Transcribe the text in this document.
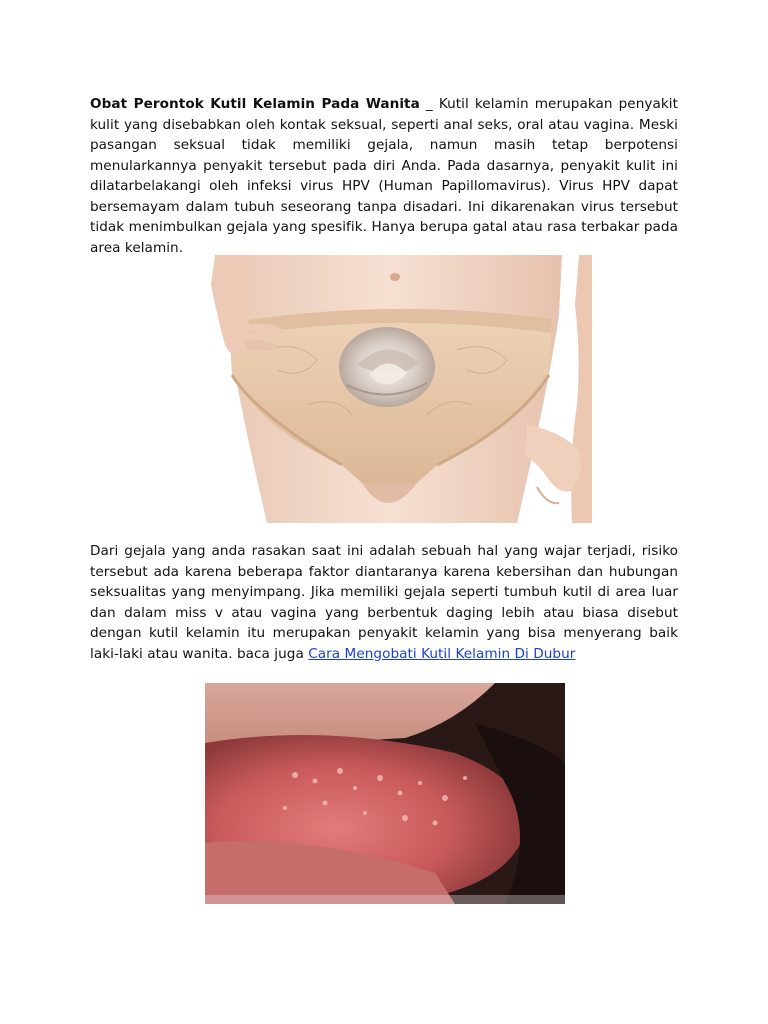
Obat Perontok Kutil Kelamin Pada Wanita _ Kutil kelamin merupakan penyakit kulit yang disebabkan oleh kontak seksual, seperti anal seks, oral atau vagina. Meski pasangan seksual tidak memiliki gejala, namun masih tetap berpotensi menularkannya penyakit tersebut pada diri Anda. Pada dasarnya, penyakit kulit ini dilatarbelakangi oleh infeksi virus HPV (Human Papillomavirus). Virus HPV dapat bersemayam dalam tubuh seseorang tanpa disadari. Ini dikarenakan virus tersebut tidak menimbulkan gejala yang spesifik. Hanya berupa gatal atau rasa terbakar pada area kelamin.

Dari gejala yang anda rasakan saat ini adalah sebuah hal yang wajar terjadi, risiko tersebut ada karena beberapa faktor diantaranya karena kebersihan dan hubungan seksualitas yang menyimpang. Jika memiliki gejala seperti tumbuh kutil di area luar dan dalam miss v atau vagina yang berbentuk daging lebih atau biasa disebut dengan kutil kelamin itu merupakan penyakit kelamin yang bisa menyerang baik laki-laki atau wanita. baca juga Cara Mengobati Kutil Kelamin Di Dubur
